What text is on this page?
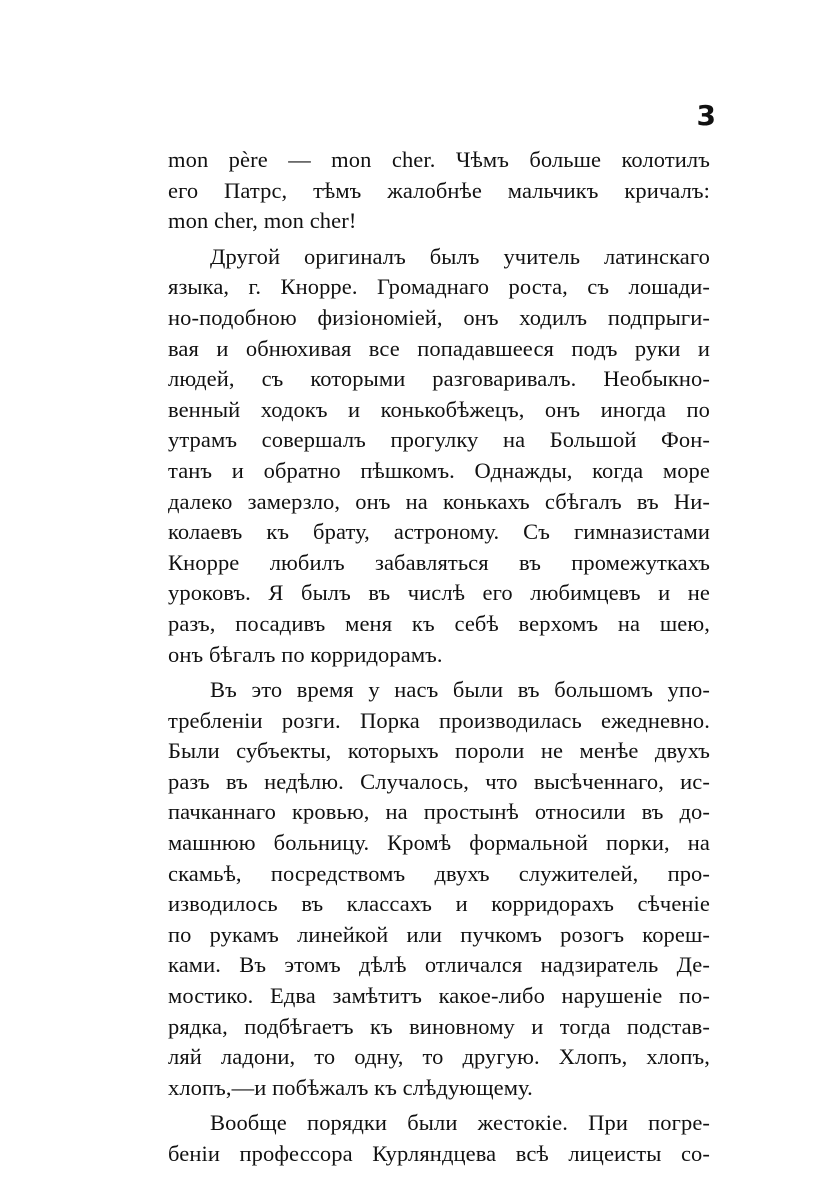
3
mon père — mon cher. Чѣмъ больше колотилъ
его Патрс, тѣмъ жалобнѣе мальчикъ кричалъ:
mon cher, mon cher!
Другой оригиналъ былъ учитель латинскаго
языка, г. Кнорре. Громаднаго роста, съ лошади-
но-подобною физіономіей, онъ ходилъ подпрыги-
вая и обнюхивая все попадавшееся подъ руки и
людей, съ которыми разговаривалъ. Необыкно-
венный ходокъ и конькобѣжецъ, онъ иногда по
утрамъ совершалъ прогулку на Большой Фон-
танъ и обратно пѣшкомъ. Однажды, когда море
далеко замерзло, онъ на конькахъ сбѣгалъ въ Ни-
колаевъ къ брату, астроному. Съ гимназистами
Кнорре любилъ забавляться въ промежуткахъ
уроковъ. Я былъ въ числѣ его любимцевъ и не
разъ, посадивъ меня къ себѣ верхомъ на шею,
онъ бѣгалъ по корридорамъ.
Въ это время у насъ были въ большомъ упо-
требленіи розги. Порка производилась ежедневно.
Были субъекты, которыхъ пороли не менѣе двухъ
разъ въ недѣлю. Случалось, что высѣченнаго, ис-
пачканнаго кровью, на простынѣ относили въ до-
машнюю больницу. Кромѣ формальной порки, на
скамьѣ, посредствомъ двухъ служителей, про-
изводилось въ классахъ и корридорахъ сѣченіе
по рукамъ линейкой или пучкомъ розогъ корeш-
ками. Въ этомъ дѣлѣ отличался надзиратель Де-
мостико. Едва замѣтитъ какое-либо нарушеніе по-
рядка, подбѣгаетъ къ виновному и тогда подстав-
ляй ладони, то одну, то другую. Хлопъ, хлопъ,
хлопъ,—и побѣжалъ къ слѣдующему.
Вообще порядки были жестокіе. При погре-
беніи профессора Курляндцева всѣ лицеисты со-
